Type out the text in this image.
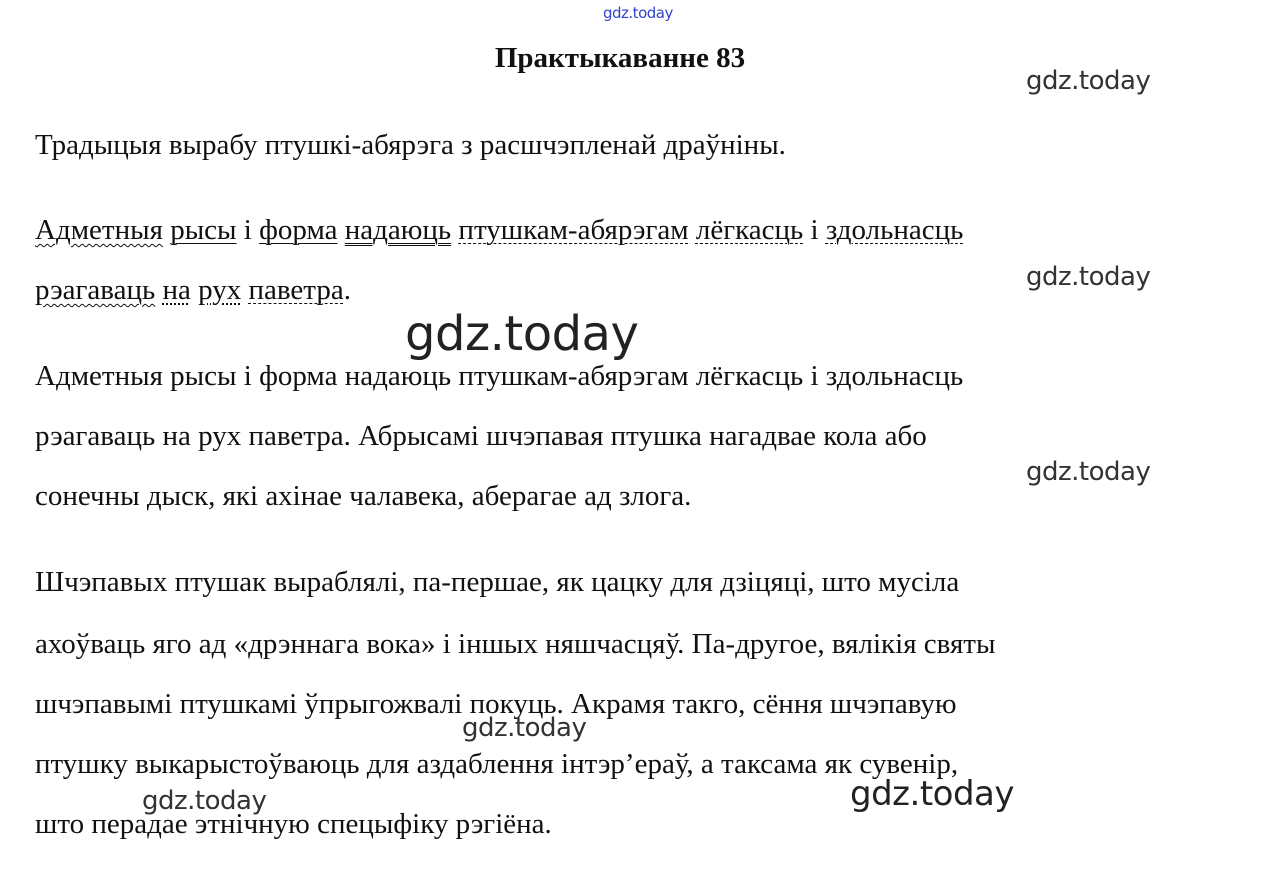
gdz.today
Практыкаванне 83
gdz.today
Традыцыя вырабу птушкі-абярэга з расшчэпленай драўніны.
Адметныя рысы і форма надаюць птушкам-абярэгам лёгкасць і здольнасць
рэагаваць на рух паветра.	gdz.today
gdz.today
Адметныя рысы і форма надаюць птушкам-абярэгам лёгкасць і здольнасць
рэагаваць на рух паветра. Абрысамі шчэпавая птушка нагадвае кола або
сонечны дыск, які ахінае чалавека, аберагае ад злога.
gdz.today
Шчэпавых птушак выраблялі, па-першае, як цацку для дзіцяці, што мусіла
ахоўваць яго ад «дрэннага вока» і іншых няшчасцяў. Па-другое, вялікія святы
шчэпавымі птушкамі ўпрыгожвалі покуць. Акрамя такго, сёння шчэпавую
птушку выкарыстоўваюць для аздаблення інтэр’ераў, а таксама як сувенір,
што перадае этнічную спецыфіку рэгіёна.
gdz.today
gdz.today	gdz.today
